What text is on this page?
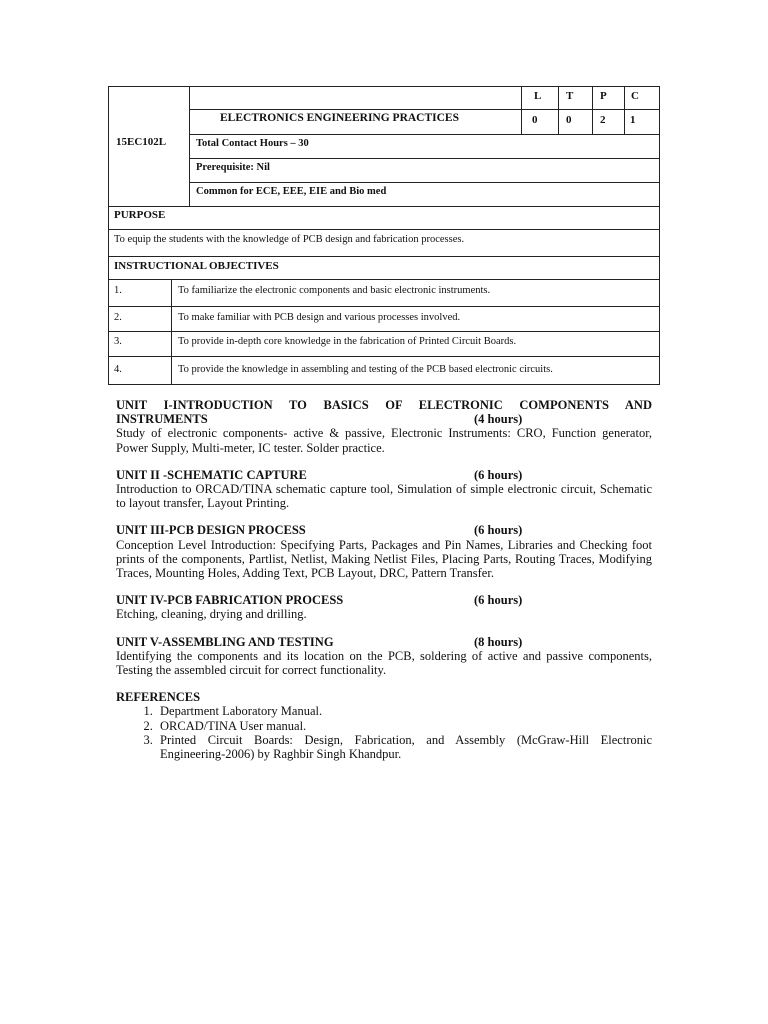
15EC102L
ELECTRONICS ENGINEERING PRACTICES
L T P C
0	0	2 1
Total Contact Hours – 30
Prerequisite: Nil
Common for ECE, EEE, EIE and Bio med
PURPOSE
To equip the students with the knowledge of PCB design and fabrication processes.
INSTRUCTIONAL OBJECTIVES
1.	To familiarize the electronic components and basic electronic instruments.
2.	To make familiar with PCB design and various processes involved.
3.	To provide in-depth core knowledge in the fabrication of Printed Circuit Boards.
4.	To provide the knowledge in assembling and testing of the PCB based electronic circuits.

UNIT I-INTRODUCTION TO BASICS OF ELECTRONIC COMPONENTS AND

INSTRUMENTS	(4 hours)

Study of electronic components- active & passive, Electronic Instruments: CRO, Function generator, Power Supply, Multi-meter, IC tester. Solder practice.

UNIT II -SCHEMATIC CAPTURE	(6 hours)

Introduction to ORCAD/TINA schematic capture tool, Simulation of simple electronic circuit, Schematic to layout transfer, Layout Printing.

UNIT III-PCB DESIGN PROCESS	(6 hours)

Conception Level Introduction: Specifying Parts, Packages and Pin Names, Libraries and Checking foot prints of the components, Partlist, Netlist, Making Netlist Files, Placing Parts, Routing Traces, Modifying Traces, Mounting Holes, Adding Text, PCB Layout, DRC, Pattern Transfer.

UNIT IV-PCB FABRICATION PROCESS	(6 hours)

Etching, cleaning, drying and drilling.

UNIT V-ASSEMBLING AND TESTING	(8 hours)

Identifying the components and its location on the PCB, soldering of active and passive components, Testing the assembled circuit for correct functionality.

REFERENCES

1. Department Laboratory Manual.
2. ORCAD/TINA User manual.
3. Printed Circuit Boards: Design, Fabrication, and Assembly (McGraw-Hill Electronic Engineering-2006) by Raghbir Singh Khandpur.
